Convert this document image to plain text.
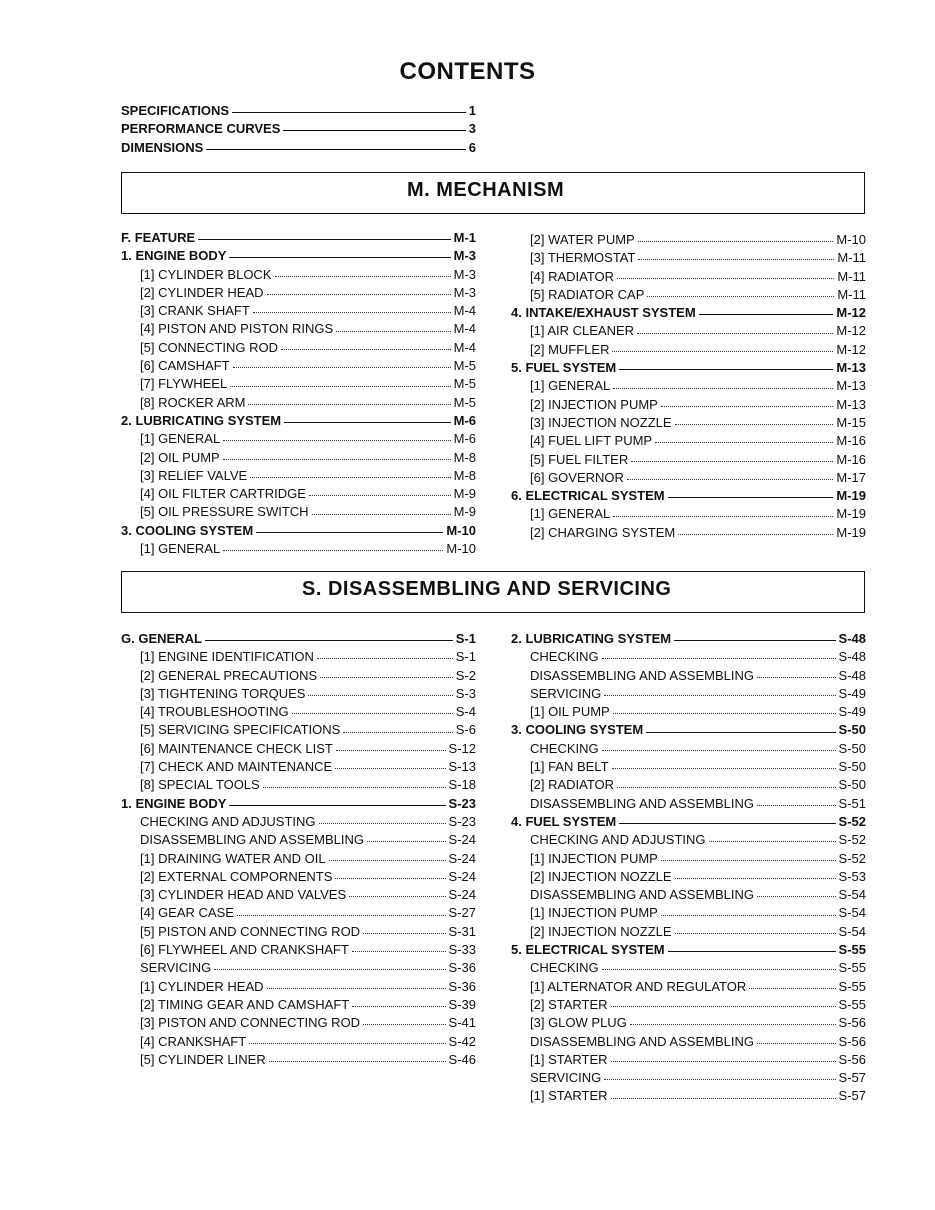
CONTENTS
SPECIFICATIONS	1
PERFORMANCE CURVES	3
DIMENSIONS	6
M. MECHANISM
F. FEATURE	M-1
1. ENGINE BODY	M-3
[1] CYLINDER BLOCK	M-3
[2] CYLINDER HEAD	M-3
[3] CRANK SHAFT	M-4
[4] PISTON AND PISTON RINGS	M-4
[5] CONNECTING ROD	M-4
[6] CAMSHAFT	M-5
[7] FLYWHEEL	M-5
[8] ROCKER ARM	M-5
2. LUBRICATING SYSTEM	M-6
[1] GENERAL	M-6
[2] OIL PUMP	M-8
[3] RELIEF VALVE	M-8
[4] OIL FILTER CARTRIDGE	M-9
[5] OIL PRESSURE SWITCH	M-9
3. COOLING SYSTEM	M-10
[1] GENERAL	M-10
[2] WATER PUMP	M-10
[3] THERMOSTAT	M-11
[4] RADIATOR	M-11
[5] RADIATOR CAP	M-11
4. INTAKE/EXHAUST SYSTEM	M-12
[1] AIR CLEANER	M-12
[2] MUFFLER	M-12
5. FUEL SYSTEM	M-13
[1] GENERAL	M-13
[2] INJECTION PUMP	M-13
[3] INJECTION NOZZLE	M-15
[4] FUEL LIFT PUMP	M-16
[5] FUEL FILTER	M-16
[6] GOVERNOR	M-17
6. ELECTRICAL SYSTEM	M-19
[1] GENERAL	M-19
[2] CHARGING SYSTEM	M-19
S. DISASSEMBLING AND SERVICING
G. GENERAL	S-1
[1] ENGINE IDENTIFICATION	S-1
[2] GENERAL PRECAUTIONS	S-2
[3] TIGHTENING TORQUES	S-3
[4] TROUBLESHOOTING	S-4
[5] SERVICING SPECIFICATIONS	S-6
[6] MAINTENANCE CHECK LIST	S-12
[7] CHECK AND MAINTENANCE	S-13
[8] SPECIAL TOOLS	S-18
1. ENGINE BODY	S-23
CHECKING AND ADJUSTING	S-23
DISASSEMBLING AND ASSEMBLING	S-24
[1] DRAINING WATER AND OIL	S-24
[2] EXTERNAL COMPORNENTS	S-24
[3] CYLINDER HEAD AND VALVES	S-24
[4] GEAR CASE	S-27
[5] PISTON AND CONNECTING ROD	S-31
[6] FLYWHEEL AND CRANKSHAFT	S-33
SERVICING	S-36
[1] CYLINDER HEAD	S-36
[2] TIMING GEAR AND CAMSHAFT	S-39
[3] PISTON AND CONNECTING ROD	S-41
[4] CRANKSHAFT	S-42
[5] CYLINDER LINER	S-46
2. LUBRICATING SYSTEM	S-48
CHECKING	S-48
DISASSEMBLING AND ASSEMBLING	S-48
SERVICING	S-49
[1] OIL PUMP	S-49
3. COOLING SYSTEM	S-50
CHECKING	S-50
[1] FAN BELT	S-50
[2] RADIATOR	S-50
DISASSEMBLING AND ASSEMBLING	S-51
4. FUEL SYSTEM	S-52
CHECKING AND ADJUSTING	S-52
[1] INJECTION PUMP	S-52
[2] INJECTION NOZZLE	S-53
DISASSEMBLING AND ASSEMBLING	S-54
[1] INJECTION PUMP	S-54
[2] INJECTION NOZZLE	S-54
5. ELECTRICAL SYSTEM	S-55
CHECKING	S-55
[1] ALTERNATOR AND REGULATOR	S-55
[2] STARTER	S-55
[3] GLOW PLUG	S-56
DISASSEMBLING AND ASSEMBLING	S-56
[1] STARTER	S-56
SERVICING	S-57
[1] STARTER	S-57
